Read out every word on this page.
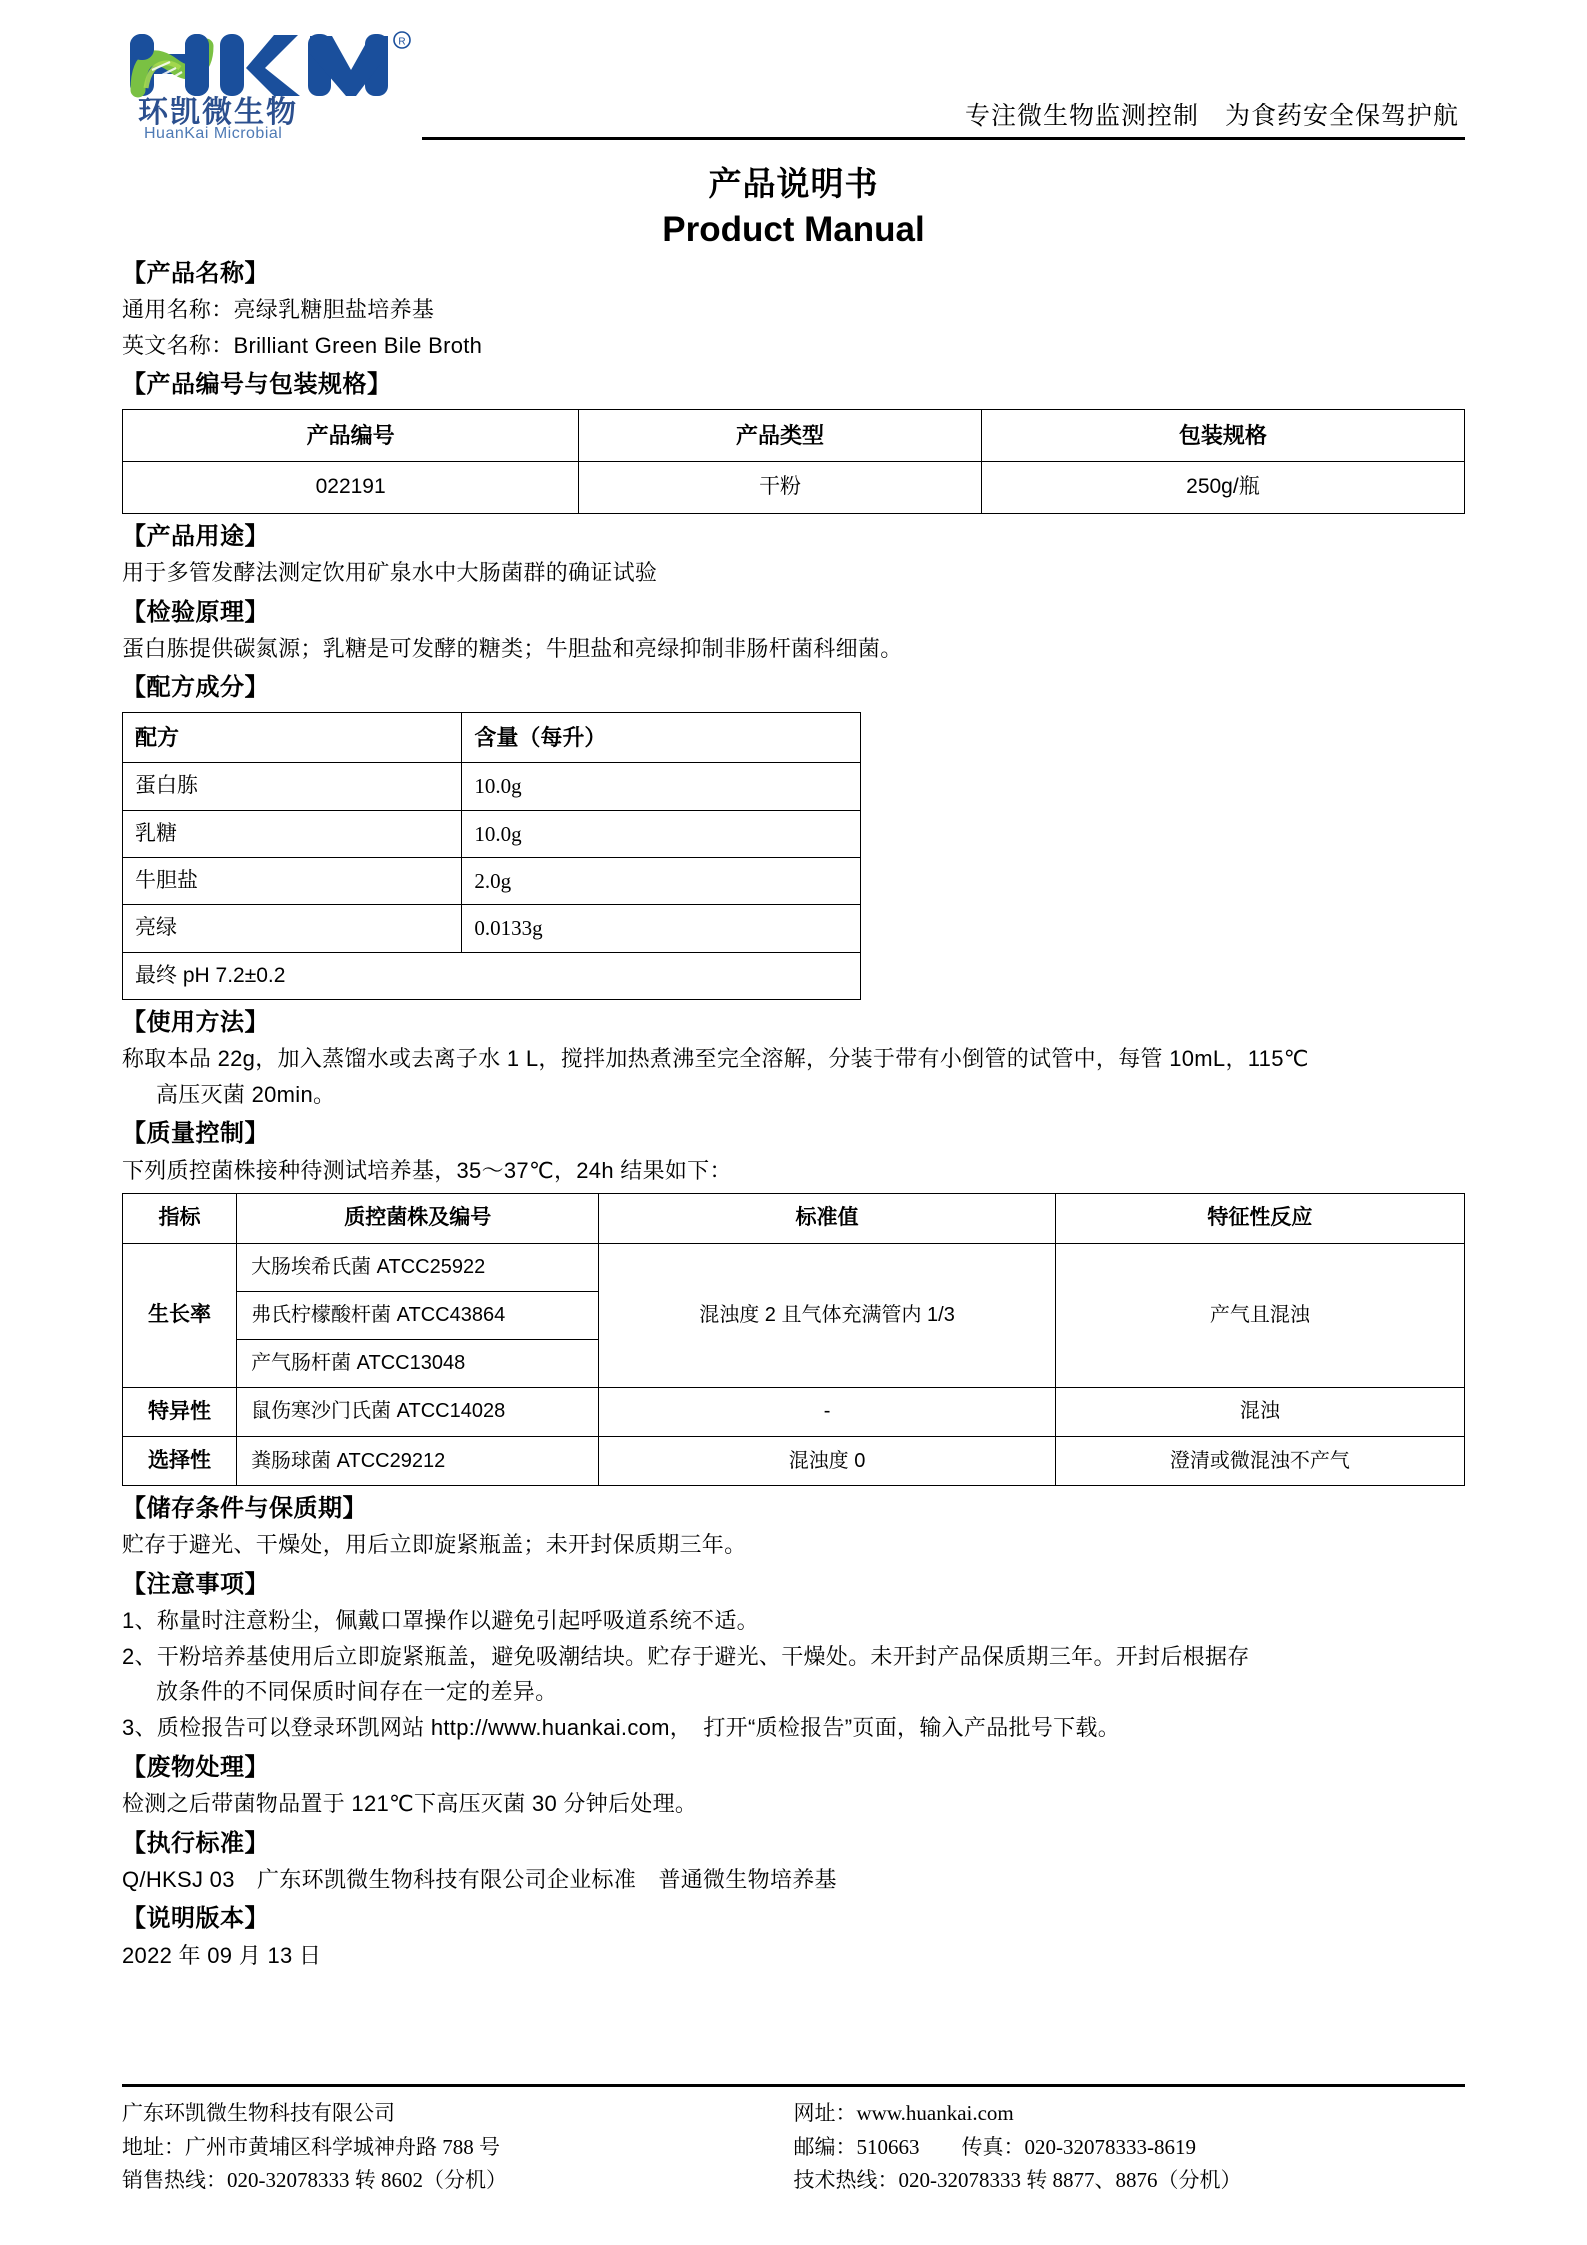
R
环凯微生物
HuanKai Microbial
专注微生物监测控制　为食药安全保驾护航
产品说明书
Product Manual
【产品名称】
通用名称：亮绿乳糖胆盐培养基
英文名称：Brilliant Green Bile Broth
【产品编号与包装规格】
产品编号	产品类型	包装规格
022191	干粉	250g/瓶
【产品用途】
用于多管发酵法测定饮用矿泉水中大肠菌群的确证试验
【检验原理】
蛋白胨提供碳氮源；乳糖是可发酵的糖类；牛胆盐和亮绿抑制非肠杆菌科细菌。
【配方成分】
配方	含量（每升）
蛋白胨	10.0g
乳糖	10.0g
牛胆盐	2.0g
亮绿	0.0133g
最终 pH 7.2±0.2	
【使用方法】
称取本品 22g，加入蒸馏水或去离子水 1 L，搅拌加热煮沸至完全溶解，分装于带有小倒管的试管中，每管 10mL，115℃
高压灭菌 20min。
【质量控制】
下列质控菌株接种待测试培养基，35～37℃，24h 结果如下：
指标	质控菌株及编号	标准值	特征性反应
生长率	大肠埃希氏菌 ATCC25922	混浊度 2 且气体充满管内 1/3	产气且混浊
	弗氏柠檬酸杆菌 ATCC43864		
	产气肠杆菌 ATCC13048		
特异性	鼠伤寒沙门氏菌 ATCC14028	-	混浊
选择性	粪肠球菌 ATCC29212	混浊度 0	澄清或微混浊不产气
【储存条件与保质期】
贮存于避光、干燥处，用后立即旋紧瓶盖；未开封保质期三年。
【注意事项】
1、称量时注意粉尘，佩戴口罩操作以避免引起呼吸道系统不适。
2、干粉培养基使用后立即旋紧瓶盖，避免吸潮结块。贮存于避光、干燥处。未开封产品保质期三年。开封后根据存
放条件的不同保质时间存在一定的差异。
3、质检报告可以登录环凯网站 http://www.huankai.com，　打开“质检报告”页面，输入产品批号下载。
【废物处理】
检测之后带菌物品置于 121℃下高压灭菌 30 分钟后处理。
【执行标准】
Q/HKSJ 03　广东环凯微生物科技有限公司企业标准　普通微生物培养基
【说明版本】
2022 年 09 月 13 日
广东环凯微生物科技有限公司
地址：广州市黄埔区科学城神舟路 788 号
销售热线：020-32078333 转 8602（分机）
网址：www.huankai.com
邮编：510663　　传真：020-32078333-8619
技术热线：020-32078333 转 8877、8876（分机）
